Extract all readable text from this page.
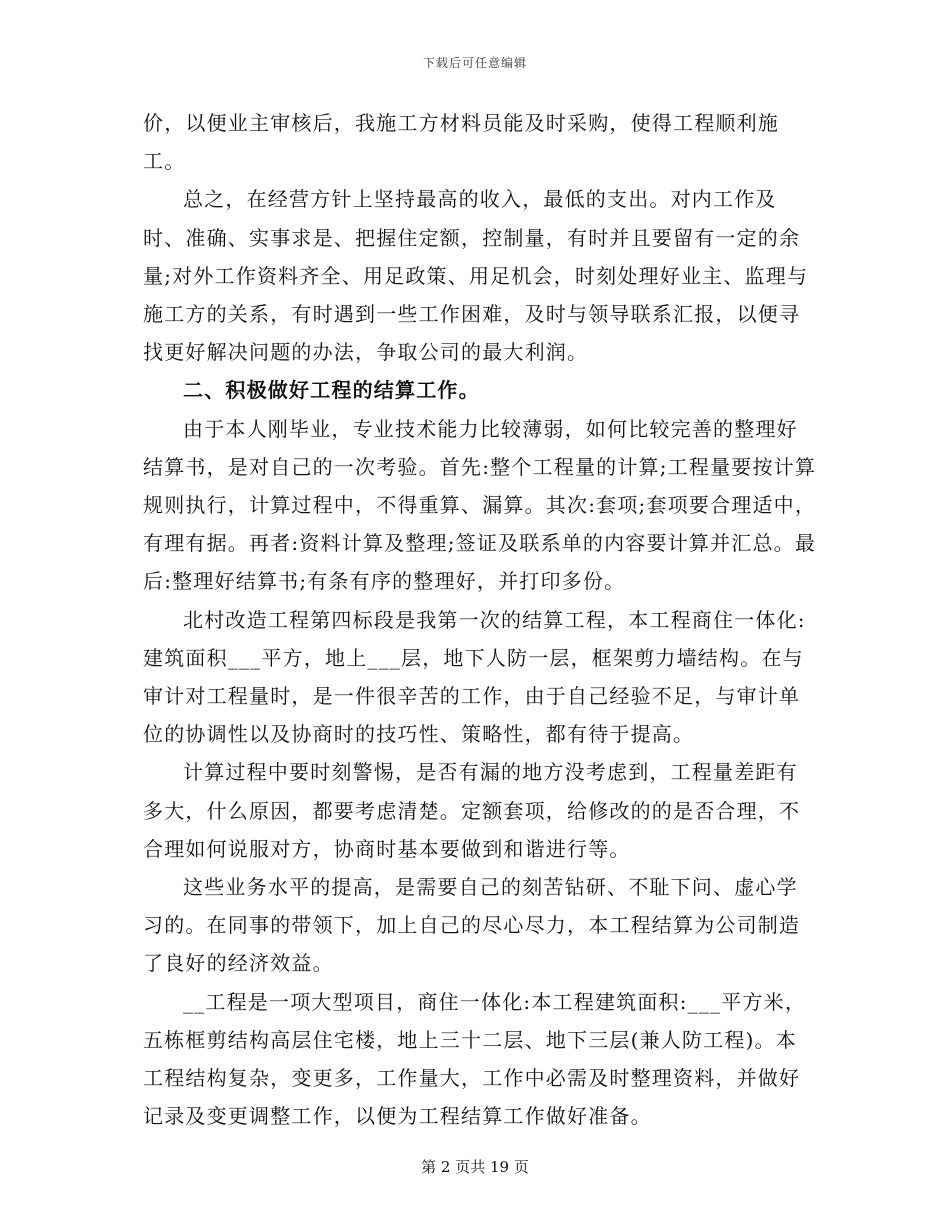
下载后可任意编辑

价，以便业主审核后，我施工方材料员能及时采购，使得工程顺利施工。

总之，在经营方针上坚持最高的收入，最低的支出。对内工作及时、准确、实事求是、把握住定额，控制量，有时并且要留有一定的余量;对外工作资料齐全、用足政策、用足机会，时刻处理好业主、监理与施工方的关系，有时遇到一些工作困难，及时与领导联系汇报，以便寻找更好解决问题的办法，争取公司的最大利润。

二、积极做好工程的结算工作。

由于本人刚毕业，专业技术能力比较薄弱，如何比较完善的整理好结算书，是对自己的一次考验。首先:整个工程量的计算;工程量要按计算规则执行，计算过程中，不得重算、漏算。其次:套项;套项要合理适中，有理有据。再者:资料计算及整理;签证及联系单的内容要计算并汇总。最后:整理好结算书;有条有序的整理好，并打印多份。

北村改造工程第四标段是我第一次的结算工程，本工程商住一体化:建筑面积___平方，地上___层，地下人防一层，框架剪力墙结构。在与审计对工程量时，是一件很辛苦的工作，由于自己经验不足，与审计单位的协调性以及协商时的技巧性、策略性，都有待于提高。

计算过程中要时刻警惕，是否有漏的地方没考虑到，工程量差距有多大，什么原因，都要考虑清楚。定额套项，给修改的的是否合理，不合理如何说服对方，协商时基本要做到和谐进行等。

这些业务水平的提高，是需要自己的刻苦钻研、不耻下问、虚心学习的。在同事的带领下，加上自己的尽心尽力，本工程结算为公司制造了良好的经济效益。

__工程是一项大型项目，商住一体化:本工程建筑面积:___平方米，五栋框剪结构高层住宅楼，地上三十二层、地下三层(兼人防工程)。本工程结构复杂，变更多，工作量大，工作中必需及时整理资料，并做好记录及变更调整工作，以便为工程结算工作做好准备。

第 2 页共 19 页
